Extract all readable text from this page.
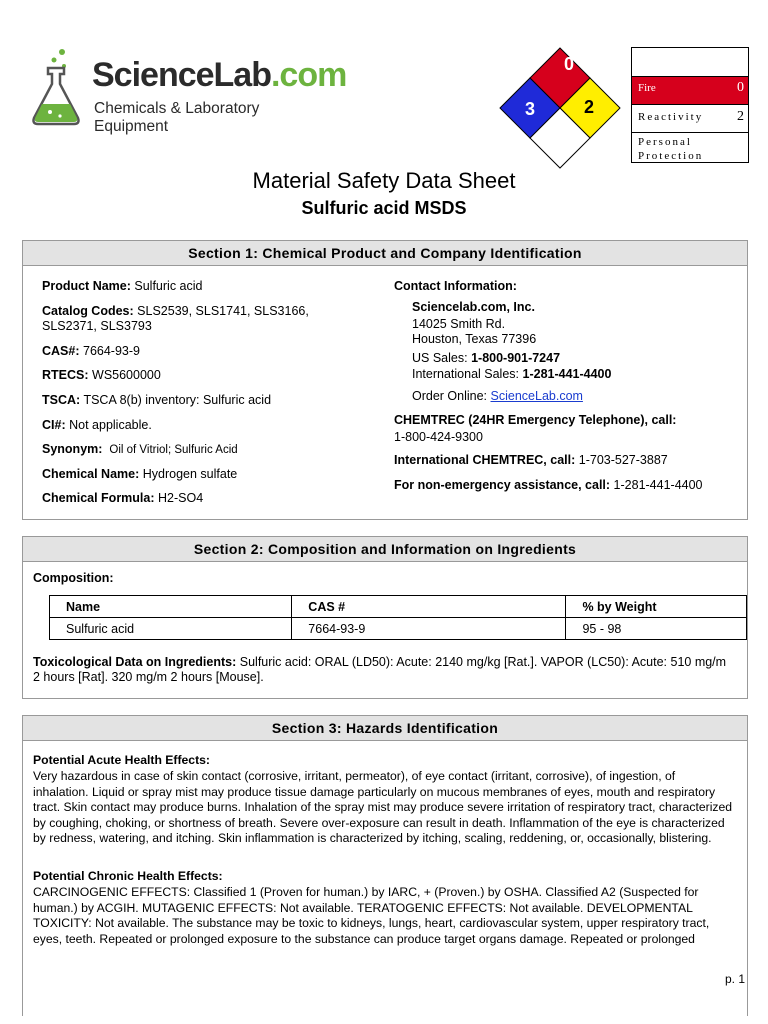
ScienceLab.com
Chemicals & Laboratory Equipment
0
3	2
Fire	0
Reactivity 2
Personal Protection
Material Safety Data Sheet
Sulfuric acid MSDS
Section 1: Chemical Product and Company Identification
Product Name: Sulfuric acid
Catalog Codes: SLS2539, SLS1741, SLS3166,
SLS2371, SLS3793
CAS#: 7664-93-9
RTECS: WS5600000
TSCA: TSCA 8(b) inventory: Sulfuric acid
CI#: Not applicable.
Synonym: Oil of Vitriol; Sulfuric Acid
Chemical Name: Hydrogen sulfate
Chemical Formula: H2-SO4
Contact Information:
Sciencelab.com, Inc.
14025 Smith Rd.
Houston, Texas 77396
US Sales: 1-800-901-7247
International Sales: 1-281-441-4400
Order Online: ScienceLab.com
CHEMTREC (24HR Emergency Telephone), call:
1-800-424-9300
International CHEMTREC, call: 1-703-527-3887
For non-emergency assistance, call: 1-281-441-4400
Section 2: Composition and Information on Ingredients
Composition:
Name	CAS #	% by Weight
Sulfuric acid	7664-93-9	95 - 98
Toxicological Data on Ingredients: Sulfuric acid: ORAL (LD50): Acute: 2140 mg/kg [Rat.]. VAPOR (LC50): Acute: 510 mg/m
2 hours [Rat]. 320 mg/m 2 hours [Mouse].
Section 3: Hazards Identification
Potential Acute Health Effects:
Very hazardous in case of skin contact (corrosive, irritant, permeator), of eye contact (irritant, corrosive), of ingestion, of inhalation. Liquid or spray mist may produce tissue damage particularly on mucous membranes of eyes, mouth and respiratory tract. Skin contact may produce burns. Inhalation of the spray mist may produce severe irritation of respiratory tract, characterized by coughing, choking, or shortness of breath. Severe over-exposure can result in death. Inflammation of the eye is characterized by redness, watering, and itching. Skin inflammation is characterized by itching, scaling, reddening, or, occasionally, blistering.
Potential Chronic Health Effects:
CARCINOGENIC EFFECTS: Classified 1 (Proven for human.) by IARC, + (Proven.) by OSHA. Classified A2 (Suspected for human.) by ACGIH. MUTAGENIC EFFECTS: Not available. TERATOGENIC EFFECTS: Not available. DEVELOPMENTAL TOXICITY: Not available. The substance may be toxic to kidneys, lungs, heart, cardiovascular system, upper respiratory tract, eyes, teeth. Repeated or prolonged exposure to the substance can produce target organs damage. Repeated or prolonged
p. 1
